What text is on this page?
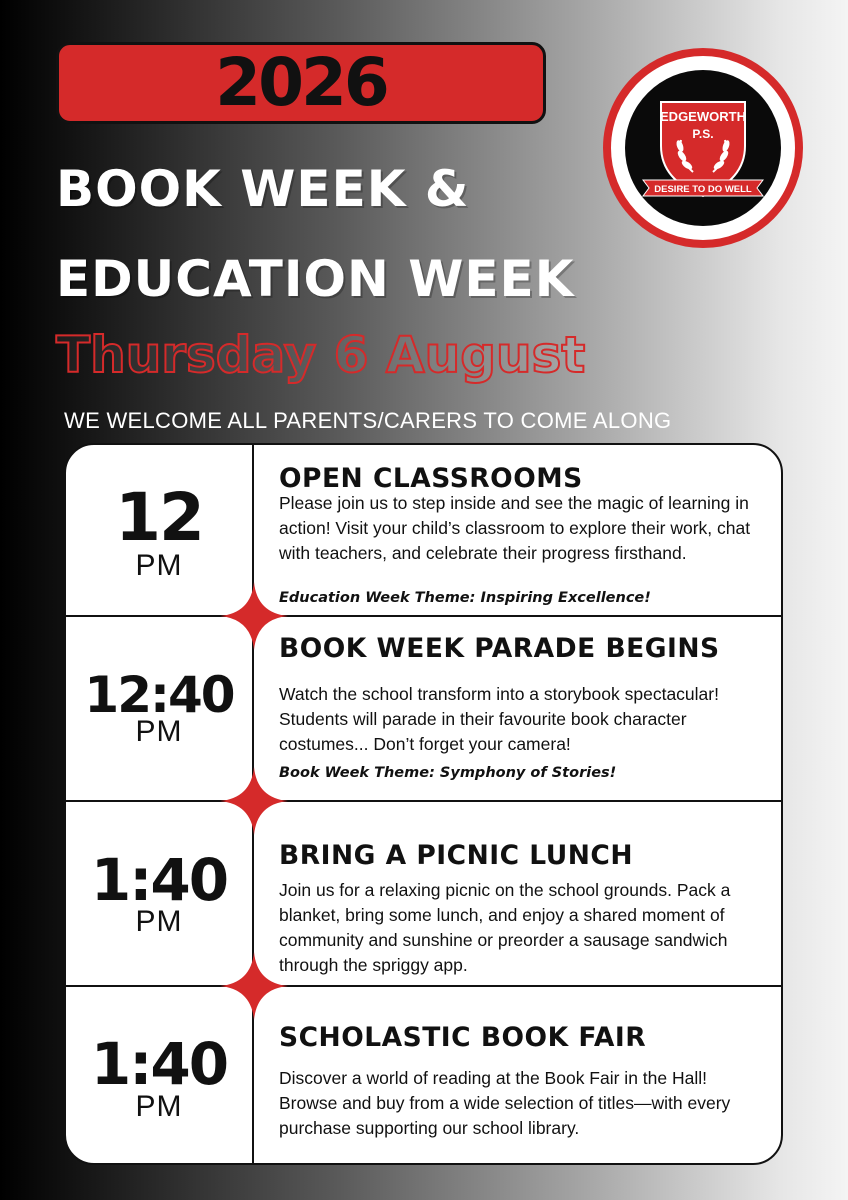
2026
BOOK WEEK &
EDUCATION WEEK
Thursday 6 August
WE WELCOME ALL PARENTS/CARERS TO COME ALONG
EDGEWORTH
P.S.
DESIRE TO DO WELL
12
PM
OPEN CLASSROOMS
Please join us to step inside and see the magic of learning in action! Visit your child’s classroom to explore their work, chat with teachers, and celebrate their progress firsthand.
Education Week Theme: Inspiring Excellence!
12:40
PM
BOOK WEEK PARADE BEGINS
Watch the school transform into a storybook spectacular! Students will parade in their favourite book character costumes... Don’t forget your camera!
Book Week Theme: Symphony of Stories!
1:40
PM
BRING A PICNIC LUNCH
Join us for a relaxing picnic on the school grounds. Pack a blanket, bring some lunch, and enjoy a shared moment of community and sunshine or preorder a sausage sandwich through the spriggy app.
1:40
PM
SCHOLASTIC BOOK FAIR
Discover a world of reading at the Book Fair in the Hall! Browse and buy from a wide selection of titles—with every purchase supporting our school library.
